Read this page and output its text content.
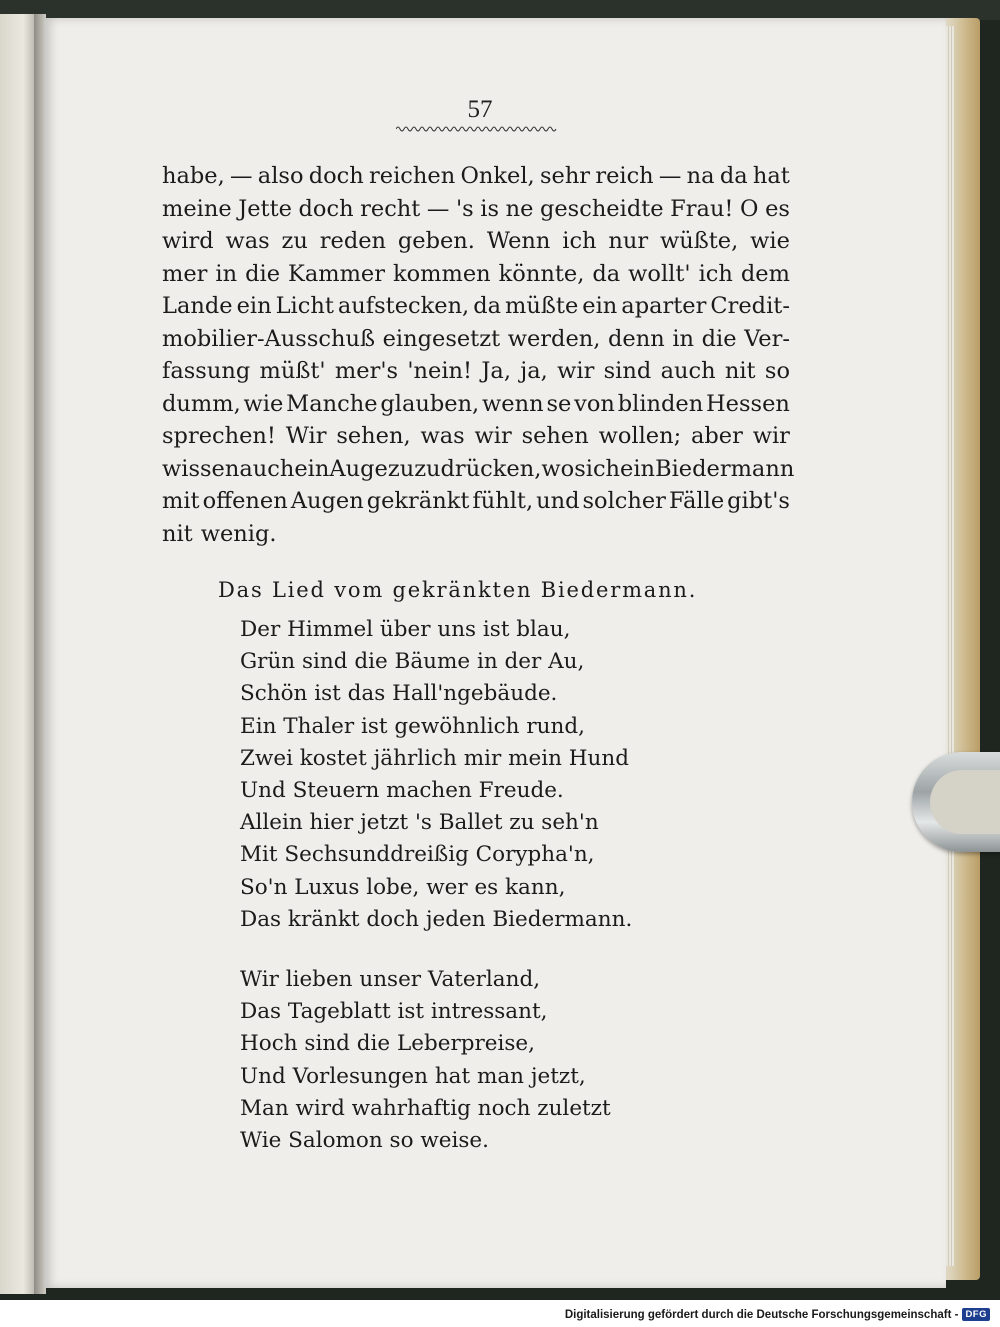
57
habe, — also doch reichen Onkel, sehr reich — na da hat
meine Jette doch recht — 's is ne gescheidte Frau! O es
wird was zu reden geben. Wenn ich nur wüßte, wie
mer in die Kammer kommen könnte, da wollt' ich dem
Lande ein Licht aufstecken, da müßte ein aparter Credit-
mobilier-Ausschuß eingesetzt werden, denn in die Ver-
fassung müßt' mer's 'nein! Ja, ja, wir sind auch nit so
dumm, wie Manche glauben, wenn se von blinden Hessen
sprechen! Wir sehen, was wir sehen wollen; aber wir
wissen auch ein Auge zuzudrücken, wo sich ein Biedermann
mit offenen Augen gekränkt fühlt, und solcher Fälle gibt's
nit wenig.
Das Lied vom gekränkten Biedermann.
Der Himmel über uns ist blau,
Grün sind die Bäume in der Au,
Schön ist das Hall'ngebäude.
Ein Thaler ist gewöhnlich rund,
Zwei kostet jährlich mir mein Hund
Und Steuern machen Freude.
Allein hier jetzt 's Ballet zu seh'n
Mit Sechsunddreißig Corypha'n,
So'n Luxus lobe, wer es kann,
Das kränkt doch jeden Biedermann.
Wir lieben unser Vaterland,
Das Tageblatt ist intressant,
Hoch sind die Leberpreise,
Und Vorlesungen hat man jetzt,
Man wird wahrhaftig noch zuletzt
Wie Salomon so weise.
Digitalisierung gefördert durch die Deutsche Forschungsgemeinschaft - DFG
